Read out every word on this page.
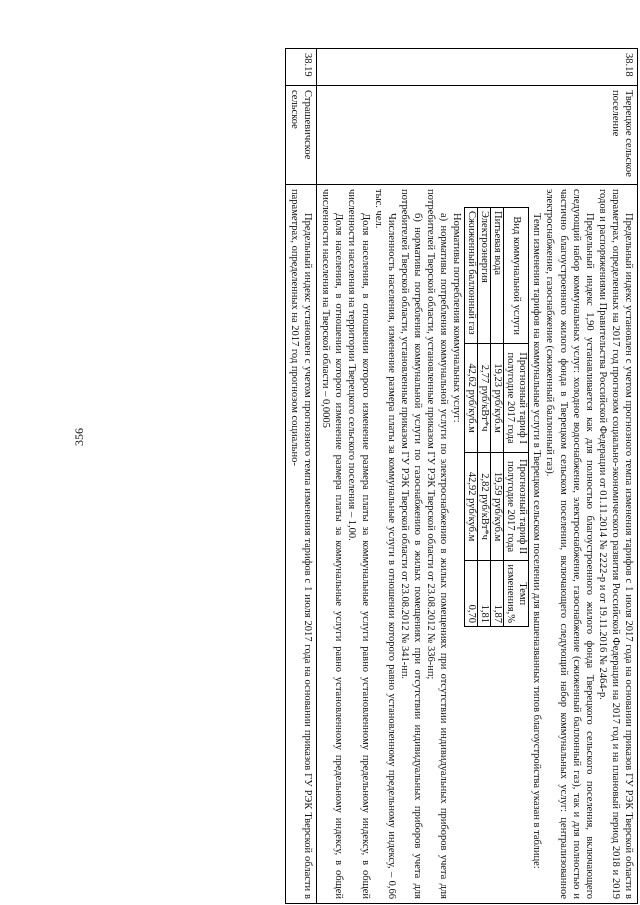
356
38.18	Тверецкое сельское поселение	

Предельный индекс установлен с учетом прогнозного темпа изменения тарифов с 1 июля 2017 года на основании приказов ГУ РЭК Тверской области в параметрах, определенных на 2017 год прогнозом социально-экономического развития Российской Федерации на 2017 год и на плановый период 2018 и 2019 годов и распоряжениями Правительства Российской Федерации от 01.11.2014 № 2222-р и от 19.11.2016 № 2464-р.

Предельный индекс 1,90 устанавливается как для полностью благоустроенного жилого фонда Тверецкого сельского поселения, включающего следующий набор коммунальных услуг: холодное водоснабжение, электроснабжение, газоснабжение (сжиженный баллонный газ), так и для полностью и частично благоустроенного жилого фонда в Тверецком сельском поселении, включающего следующий набор коммунальных услуг: централизованное электроснабжение, газоснабжение (сжиженный баллонный газ).

Темп изменения тарифов на коммунальные услуги в Тверецком сельском поселении для вышеназванных типов благоустройства указан в таблице:

Вид коммунальной услуги	Прогнозный тариф I полугодие 2017 года	Прогнозный тариф II полугодие 2017 года	Темп изменения,%
Питьевая вода	19,23 руб/куб.м	19,59 руб/куб.м	1,87
Электроэнергия	2,77 руб/кВт*ч	2,82 руб/кВт*ч	1,81
Сжиженный баллонный газ	42,62 руб/куб.м	42,92 руб/куб.м	0,70

Нормативы потребления коммунальных услуг:

а) нормативы потребления коммунальной услуги по электроснабжению в жилых помещениях при отсутствии индивидуальных приборов учета для потребителей Тверской области, установленные приказом ГУ РЭК Тверской области от 23.08.2012 № 336-нп;

б) нормативы потребления коммунальной услуги по газоснабжению в жилых помещениях при отсутствии индивидуальных приборов учета для потребителей Тверской области, установленные приказом ГУ РЭК Тверской области от 23.08.2012 № 341-нп.

Численность населения, изменение размера платы за коммунальные услуги в отношении которого равно установленному предельному индексу, – 0,66 тыс. чел.

Доля населения, в отношении которого изменение размера платы за коммунальные услуги равно установленному предельному индексу, в общей численности населения на территории Тверецкого сельского поселения – 1,00.

Доля населения, в отношении которого изменение размера платы за коммунальные услуги равно установленному предельному индексу, в общей численности населения на Тверской области – 0,0005

38.19	Страшевичское сельское	

Предельный индекс установлен с учетом прогнозного темпа изменения тарифов с 1 июля 2017 года на основании приказов ГУ РЭК Тверской области в параметрах, определенных на 2017 год прогнозом социально-
